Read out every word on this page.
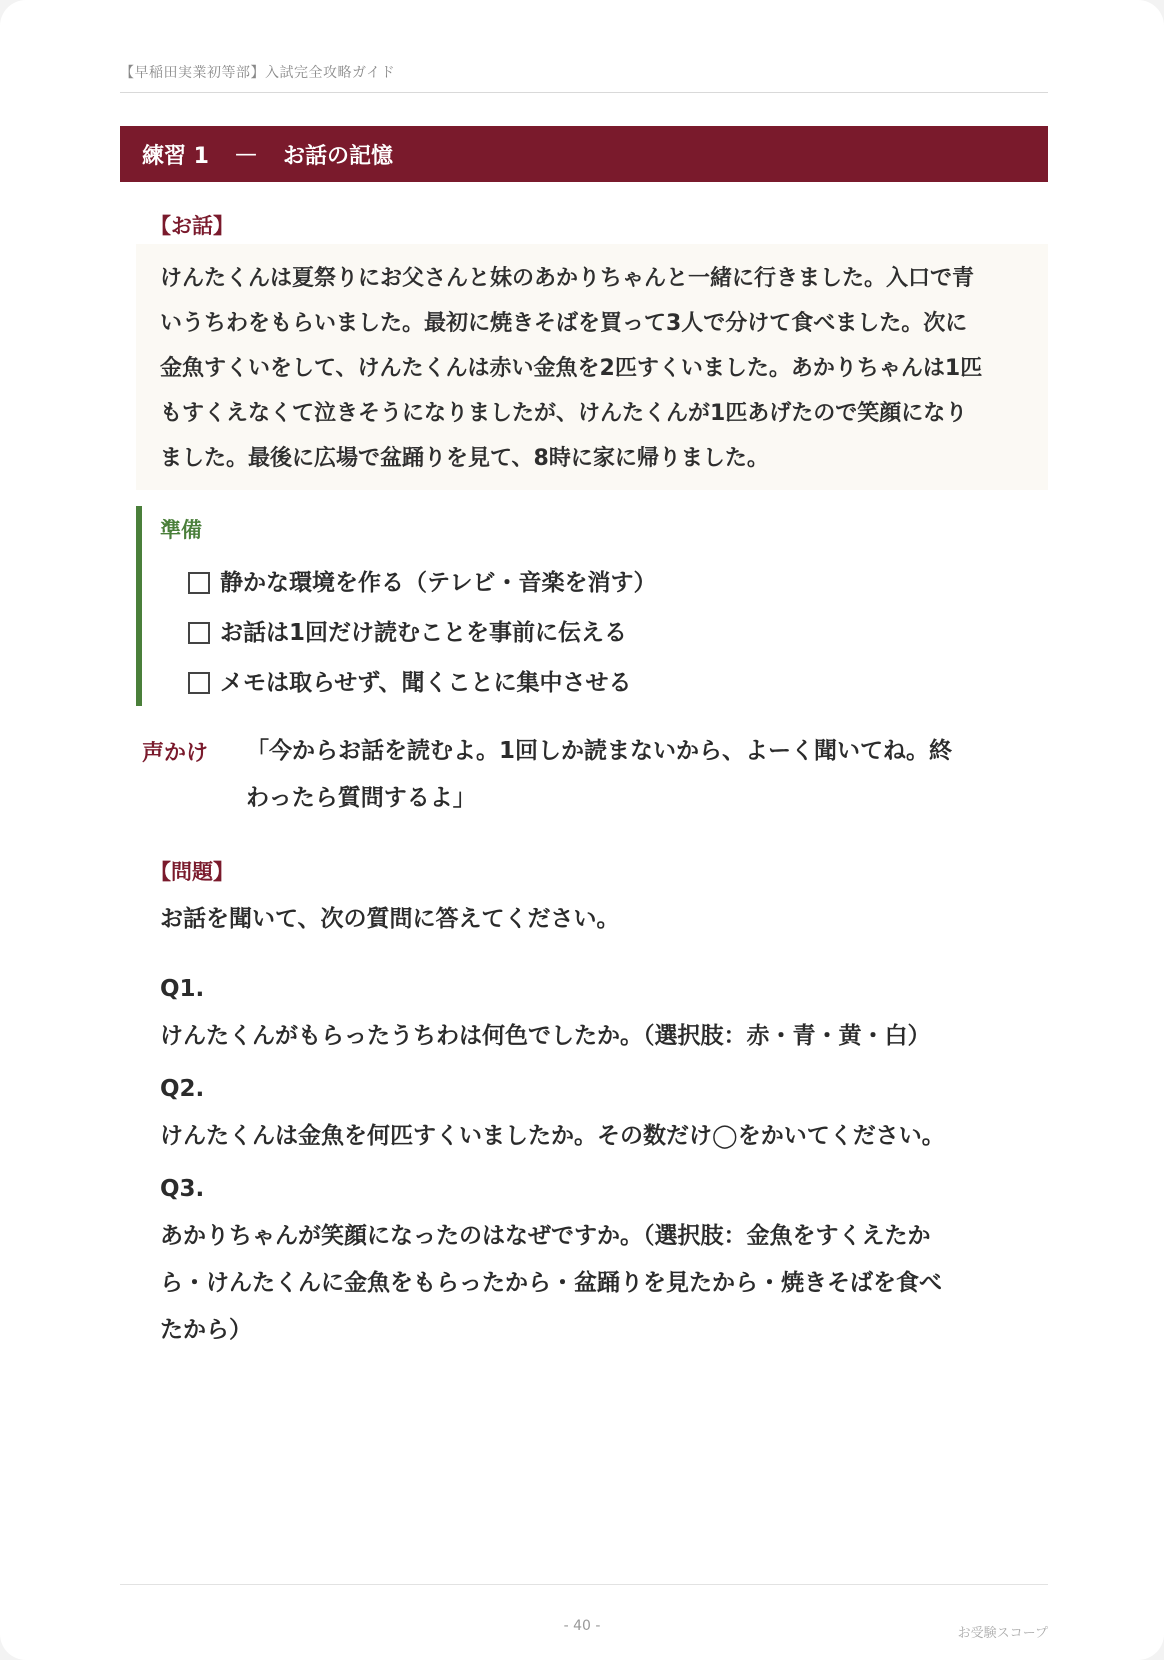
【早稲田実業初等部】入試完全攻略ガイド
練習 1 — お話の記憶
【お話】
けんたくんは夏祭りにお父さんと妹のあかりちゃんと一緒に行きました。入口で青
いうちわをもらいました。最初に焼きそばを買って3人で分けて食べました。次に
金魚すくいをして、けんたくんは赤い金魚を2匹すくいました。あかりちゃんは1匹
もすくえなくて泣きそうになりましたが、けんたくんが1匹あげたので笑顔になり
ました。最後に広場で盆踊りを見て、8時に家に帰りました。
準備
静かな環境を作る（テレビ・音楽を消す）
お話は1回だけ読むことを事前に伝える
メモは取らせず、聞くことに集中させる
声かけ 「今からお話を読むよ。1回しか読まないから、よーく聞いてね。終
わったら質問するよ」
【問題】
お話を聞いて、次の質問に答えてください。
Q1.
けんたくんがもらったうちわは何色でしたか。（選択肢：赤・青・黄・白）
Q2.
けんたくんは金魚を何匹すくいましたか。その数だけ◯をかいてください。
Q3.
あかりちゃんが笑顔になったのはなぜですか。（選択肢：金魚をすくえたか
ら・けんたくんに金魚をもらったから・盆踊りを見たから・焼きそばを食べ
たから）
- 40 -	お受験スコープ
